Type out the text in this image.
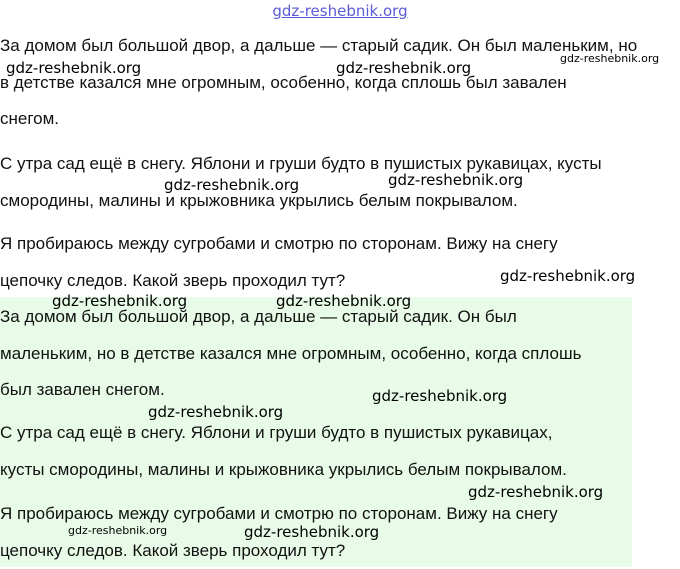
gdz-reshebnik.org
За домом был большой двор, а дальше — старый садик. Он был маленьким, но
в детстве казался мне огромным, особенно, когда сплошь был завален
снегом.
С утра сад ещё в снегу. Яблони и груши будто в пушистых рукавицах, кусты
смородины, малины и крыжовника укрылись белым покрывалом.
Я пробираюсь между сугробами и смотрю по сторонам. Вижу на снегу
цепочку следов. Какой зверь проходил тут?
За домом был большой двор, а дальше — старый садик. Он был
маленьким, но в детстве казался мне огромным, особенно, когда сплошь
был завален снегом.
С утра сад ещё в снегу. Яблони и груши будто в пушистых рукавицах,
кусты смородины, малины и крыжовника укрылись белым покрывалом.
Я пробираюсь между сугробами и смотрю по сторонам. Вижу на снегу
цепочку следов. Какой зверь проходил тут?
gdz-reshebnik.org	gdz-reshebnik.org
gdz-reshebnik.org
gdz-reshebnik.org	gdz-reshebnik.org
gdz-reshebnik.org
gdz-reshebnik.org	gdz-reshebnik.org
gdz-reshebnik.org
gdz-reshebnik.org
gdz-reshebnik.org
gdz-reshebnik.org	gdz-reshebnik.org
